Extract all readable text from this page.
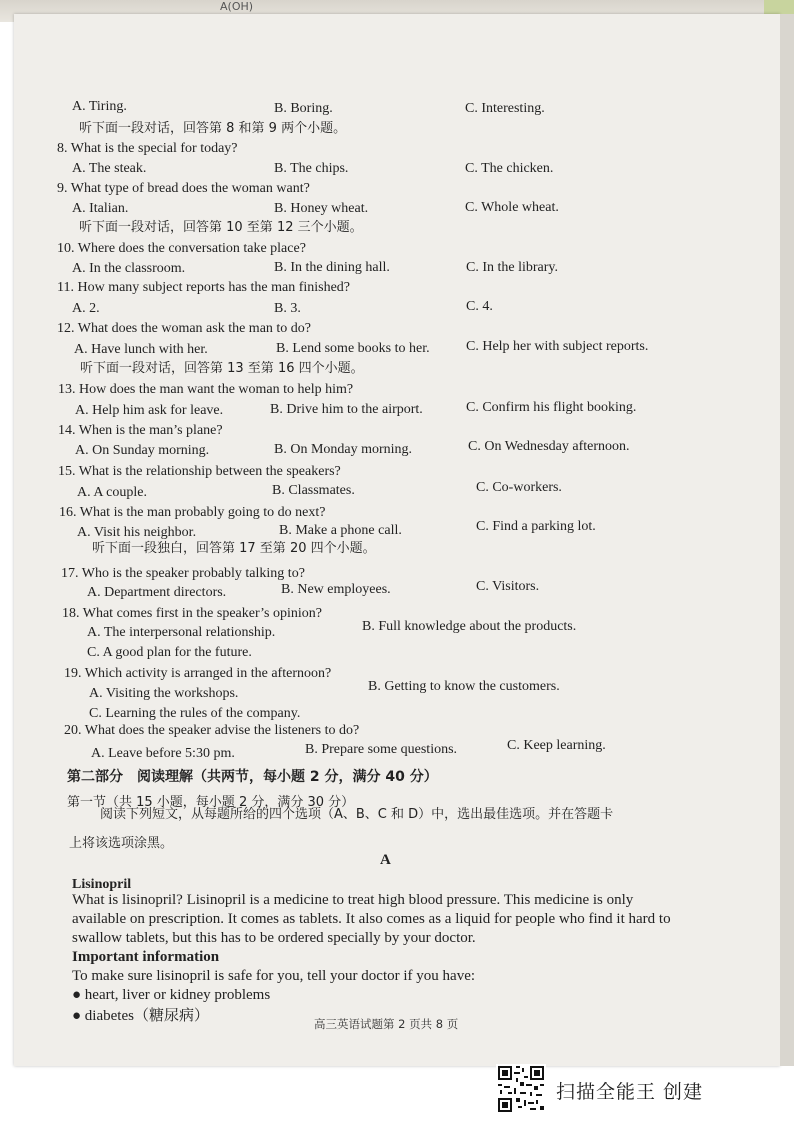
A(OH)
A. Tiring.	B. Boring.	C. Interesting.
听下面一段对话，回答第 8 和第 9 两个小题。
8. What is the special for today?
A. The steak.	B. The chips.	C. The chicken.
9. What type of bread does the woman want?
A. Italian.	B. Honey wheat.	C. Whole wheat.
听下面一段对话，回答第 10 至第 12 三个小题。
10. Where does the conversation take place?
A. In the classroom.	B. In the dining hall.	C. In the library.
11. How many subject reports has the man finished?
A. 2.	B. 3.	C. 4.
12. What does the woman ask the man to do?
A. Have lunch with her.	B. Lend some books to her.	C. Help her with subject reports.
听下面一段对话，回答第 13 至第 16 四个小题。
13. How does the man want the woman to help him?
A. Help him ask for leave.	B. Drive him to the airport.	C. Confirm his flight booking.
14. When is the man’s plane?
A. On Sunday morning.	B. On Monday morning.	C. On Wednesday afternoon.
15. What is the relationship between the speakers?
A. A couple.	B. Classmates.	C. Co-workers.
16. What is the man probably going to do next?
A. Visit his neighbor.	B. Make a phone call.	C. Find a parking lot.
听下面一段独白，回答第 17 至第 20 四个小题。
17. Who is the speaker probably talking to?
A. Department directors.	B. New employees.	C. Visitors.
18. What comes first in the speaker’s opinion?
A. The interpersonal relationship.	B. Full knowledge about the products.
C. A good plan for the future.
19. Which activity is arranged in the afternoon?
A. Visiting the workshops.	B. Getting to know the customers.
C. Learning the rules of the company.
20. What does the speaker advise the listeners to do?
A. Leave before 5:30 pm.	B. Prepare some questions.	C. Keep learning.
第二部分　阅读理解（共两节，每小题 2 分，满分 40 分）
第一节（共 15 小题，每小题 2 分，满分 30 分）
阅读下列短文，从每题所给的四个选项（A、B、C 和 D）中，选出最佳选项。并在答题卡
上将该选项涂黑。
A
Lisinopril
What is lisinopril? Lisinopril is a medicine to treat high blood pressure. This medicine is only
available on prescription. It comes as tablets. It also comes as a liquid for people who find it hard to
swallow tablets, but this has to be ordered specially by your doctor.
Important information
To make sure lisinopril is safe for you, tell your doctor if you have:
● heart, liver or kidney problems
● diabetes（糖尿病）	高三英语试题第 2 页共 8 页
扫描全能王 创建
